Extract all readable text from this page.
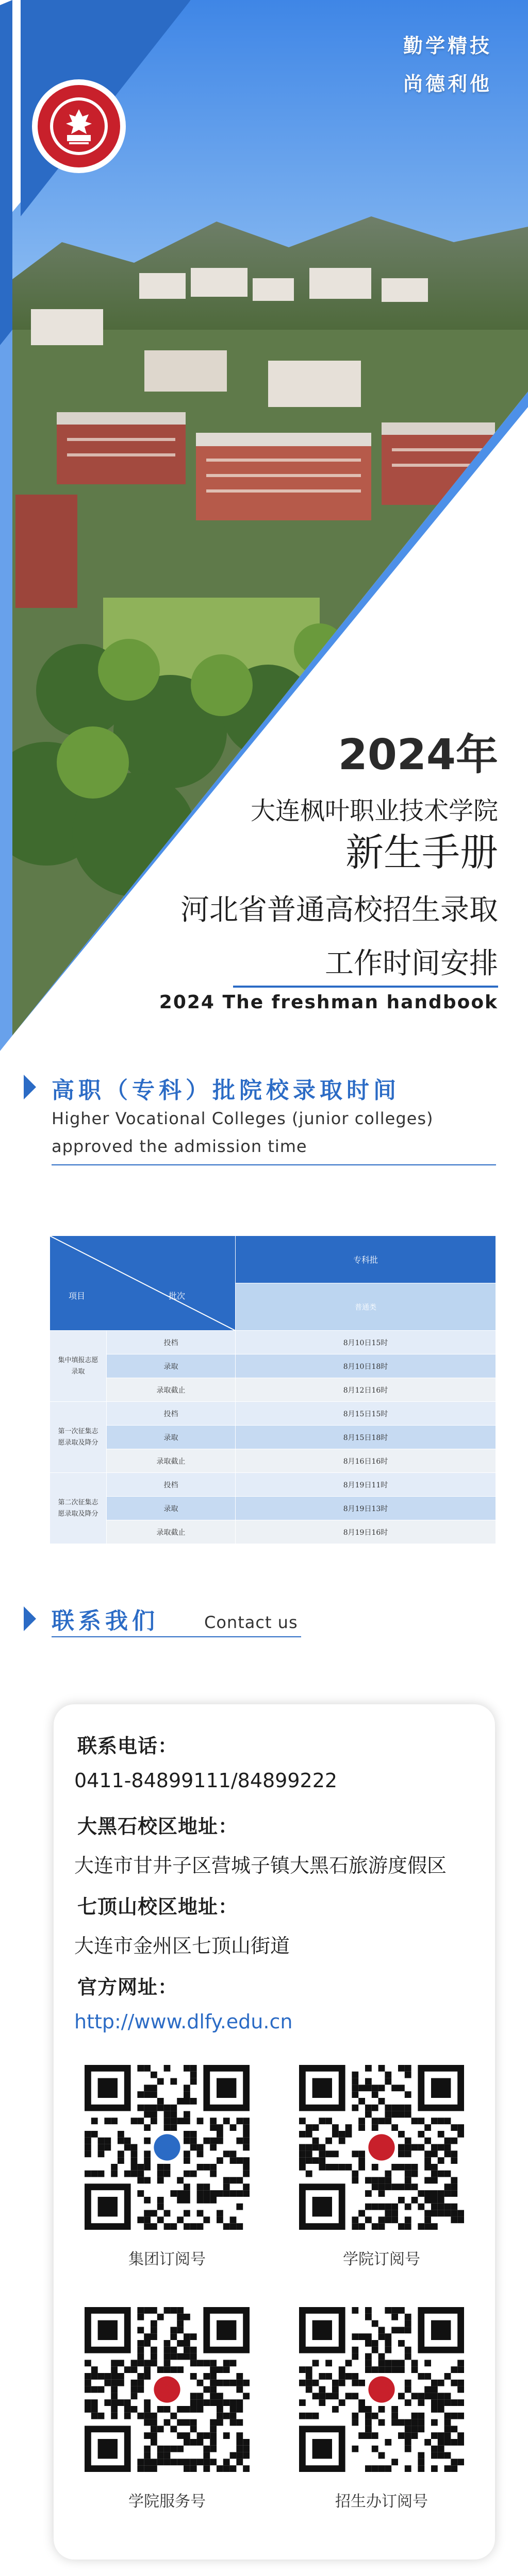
勤学精技
尚德利他
2024年
大连枫叶职业技术学院
新生手册
河北省普通高校招生录取
工作时间安排
2024 The freshman handbook
高职（专科）批院校录取时间
Higher Vocational Colleges (junior colleges)
approved the admission time
项目 批次		专科批
		普通类
集中填报志愿录取	投档	8月10日15时
	录取	8月10日18时
	录取截止	8月12日16时
第一次征集志愿录取及降分	投档	8月15日15时
	录取	8月15日18时
	录取截止	8月16日16时
第二次征集志愿录取及降分	投档	8月19日11时
	录取	8月19日13时
	录取截止	8月19日16时
联系我们	Contact us
联系电话：
0411-84899111/84899222
大黑石校区地址：
大连市甘井子区营城子镇大黑石旅游度假区
七顶山校区地址：
大连市金州区七顶山街道
官方网址：
http://www.dlfy.edu.cn
集团订阅号	学院订阅号
学院服务号	招生办订阅号
